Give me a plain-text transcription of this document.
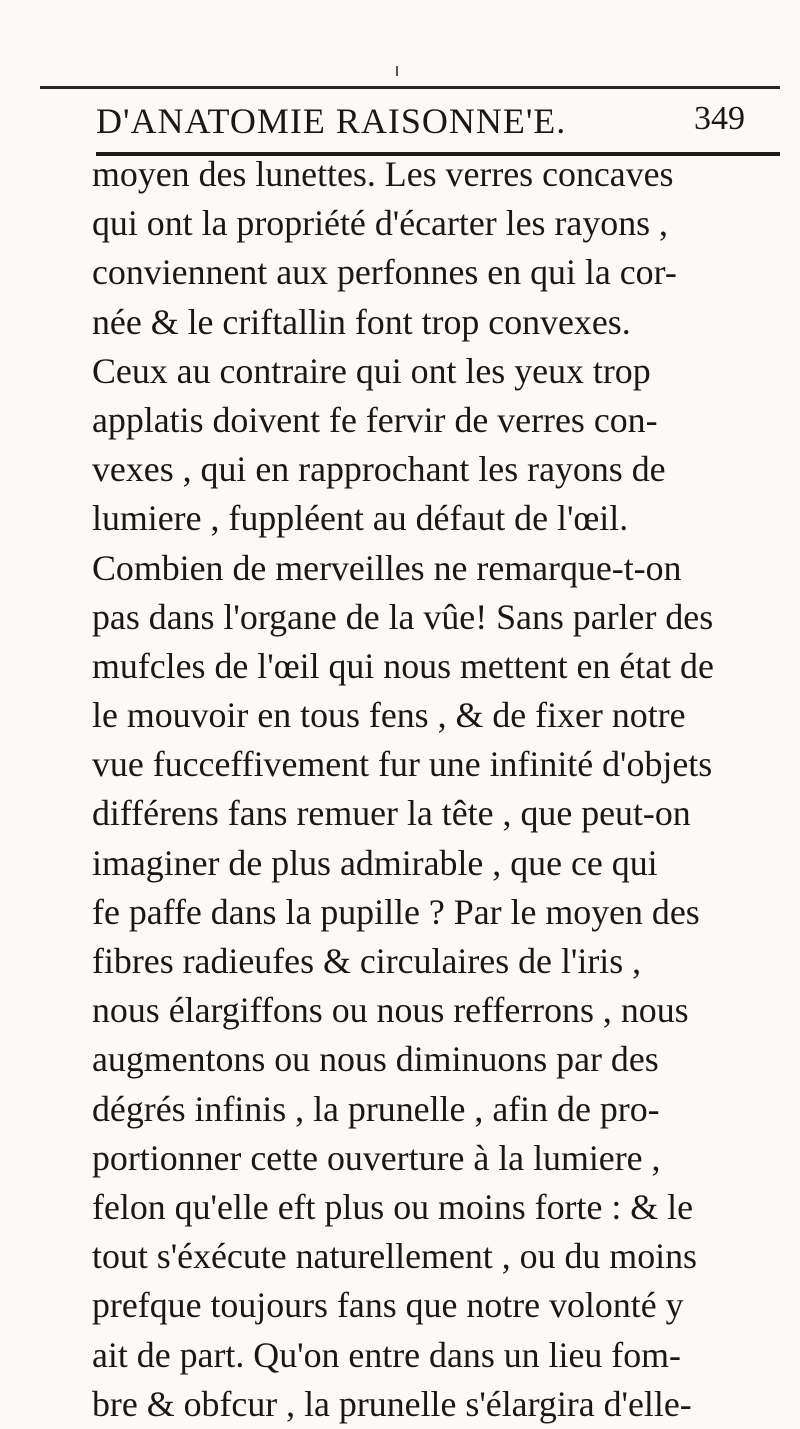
D'ANATOMIE RAISONNE'E.	349
moyen des lunettes. Les verres concaves
qui ont la propriété d'écarter les rayons ,
conviennent aux perfonnes en qui la cor-
née & le criftallin font trop convexes.
Ceux au contraire qui ont les yeux trop
applatis doivent fe fervir de verres con-
vexes , qui en rapprochant les rayons de
lumiere , fuppléent au défaut de l'œil.
Combien de merveilles ne remarque-t-on
pas dans l'organe de la vûe! Sans parler des
mufcles de l'œil qui nous mettent en état de
le mouvoir en tous fens , & de fixer notre
vue fucceffivement fur une infinité d'objets
différens fans remuer la tête , que peut-on
imaginer de plus admirable , que ce qui
fe paffe dans la pupille ? Par le moyen des
fibres radieufes & circulaires de l'iris ,
nous élargiffons ou nous refferrons , nous
augmentons ou nous diminuons par des
dégrés infinis , la prunelle , afin de pro-
portionner cette ouverture à la lumiere ,
felon qu'elle eft plus ou moins forte : & le
tout s'éxécute naturellement , ou du moins
prefque toujours fans que notre volonté y
ait de part. Qu'on entre dans un lieu fom-
bre & obfcur , la prunelle s'élargira d'elle-
